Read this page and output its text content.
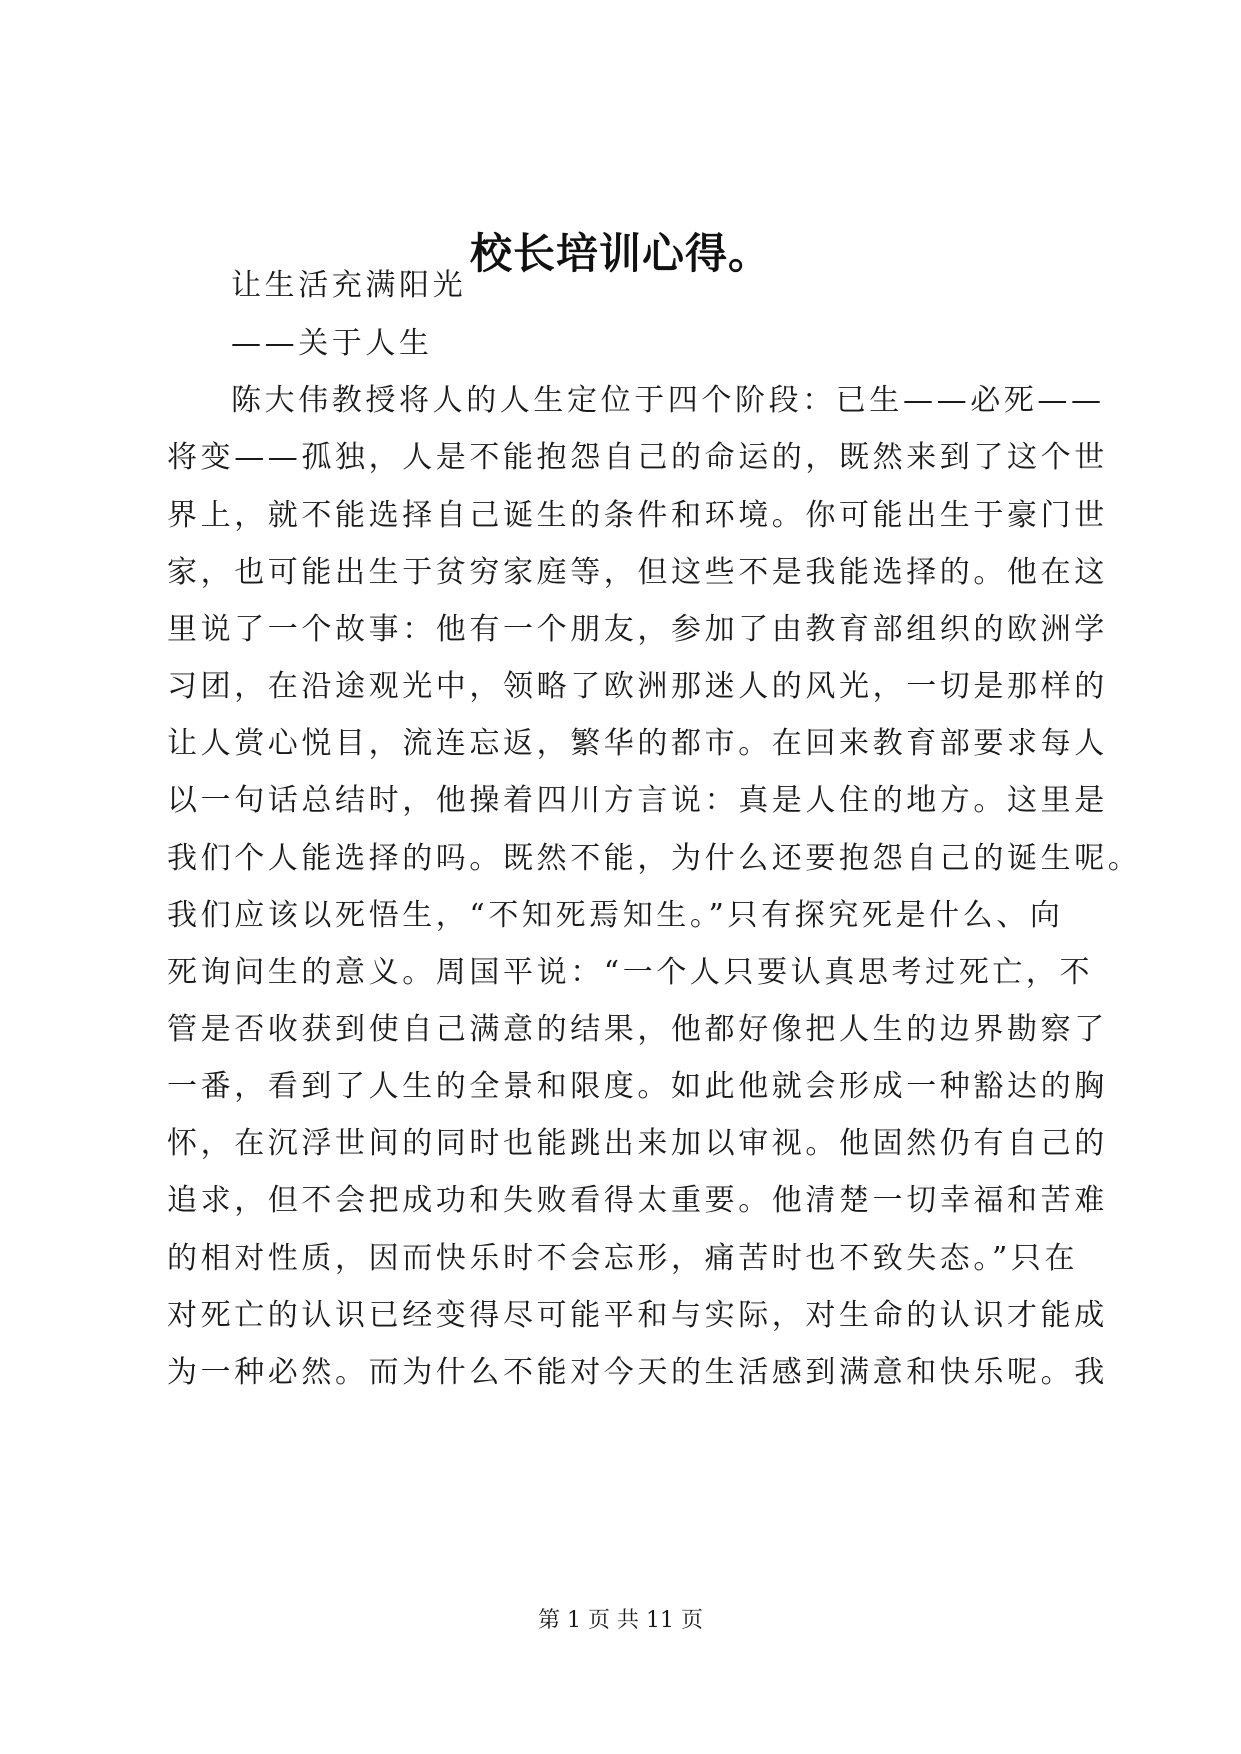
校长培训心得。
让生活充满阳光
——关于人生
陈大伟教授将人的人生定位于四个阶段：已生——必死——
将变——孤独，人是不能抱怨自己的命运的，既然来到了这个世
界上，就不能选择自己诞生的条件和环境。你可能出生于豪门世
家，也可能出生于贫穷家庭等，但这些不是我能选择的。他在这
里说了一个故事：他有一个朋友，参加了由教育部组织的欧洲学
习团，在沿途观光中，领略了欧洲那迷人的风光，一切是那样的
让人赏心悦目，流连忘返，繁华的都市。在回来教育部要求每人
以一句话总结时，他操着四川方言说：真是人住的地方。这里是
我们个人能选择的吗。既然不能，为什么还要抱怨自己的诞生呢。
我们应该以死悟生，“不知死焉知生。”只有探究死是什么、向
死询问生的意义。周国平说：“一个人只要认真思考过死亡，不
管是否收获到使自己满意的结果，他都好像把人生的边界勘察了
一番，看到了人生的全景和限度。如此他就会形成一种豁达的胸
怀，在沉浮世间的同时也能跳出来加以审视。他固然仍有自己的
追求，但不会把成功和失败看得太重要。他清楚一切幸福和苦难
的相对性质，因而快乐时不会忘形，痛苦时也不致失态。”只在
对死亡的认识已经变得尽可能平和与实际，对生命的认识才能成
为一种必然。而为什么不能对今天的生活感到满意和快乐呢。我
第 1 页 共 11 页
